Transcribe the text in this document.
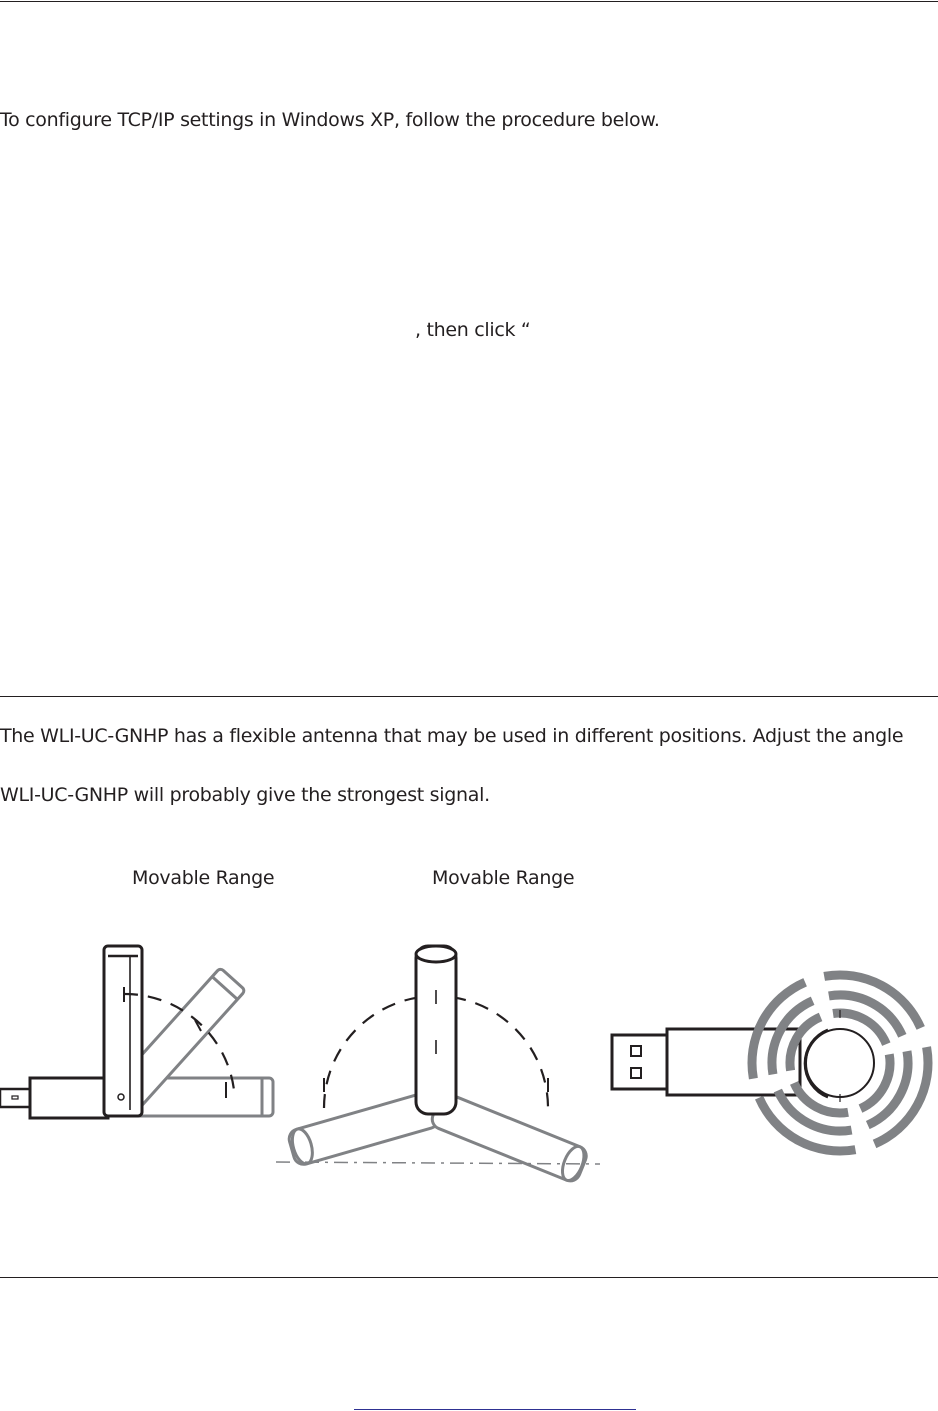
To configure TCP/IP settings in Windows XP, follow the procedure below.
, then click “
The WLI-UC-GNHP has a flexible antenna that may be used in different positions. Adjust the angle
WLI-UC-GNHP will probably give the strongest signal.
Movable Range	Movable Range
